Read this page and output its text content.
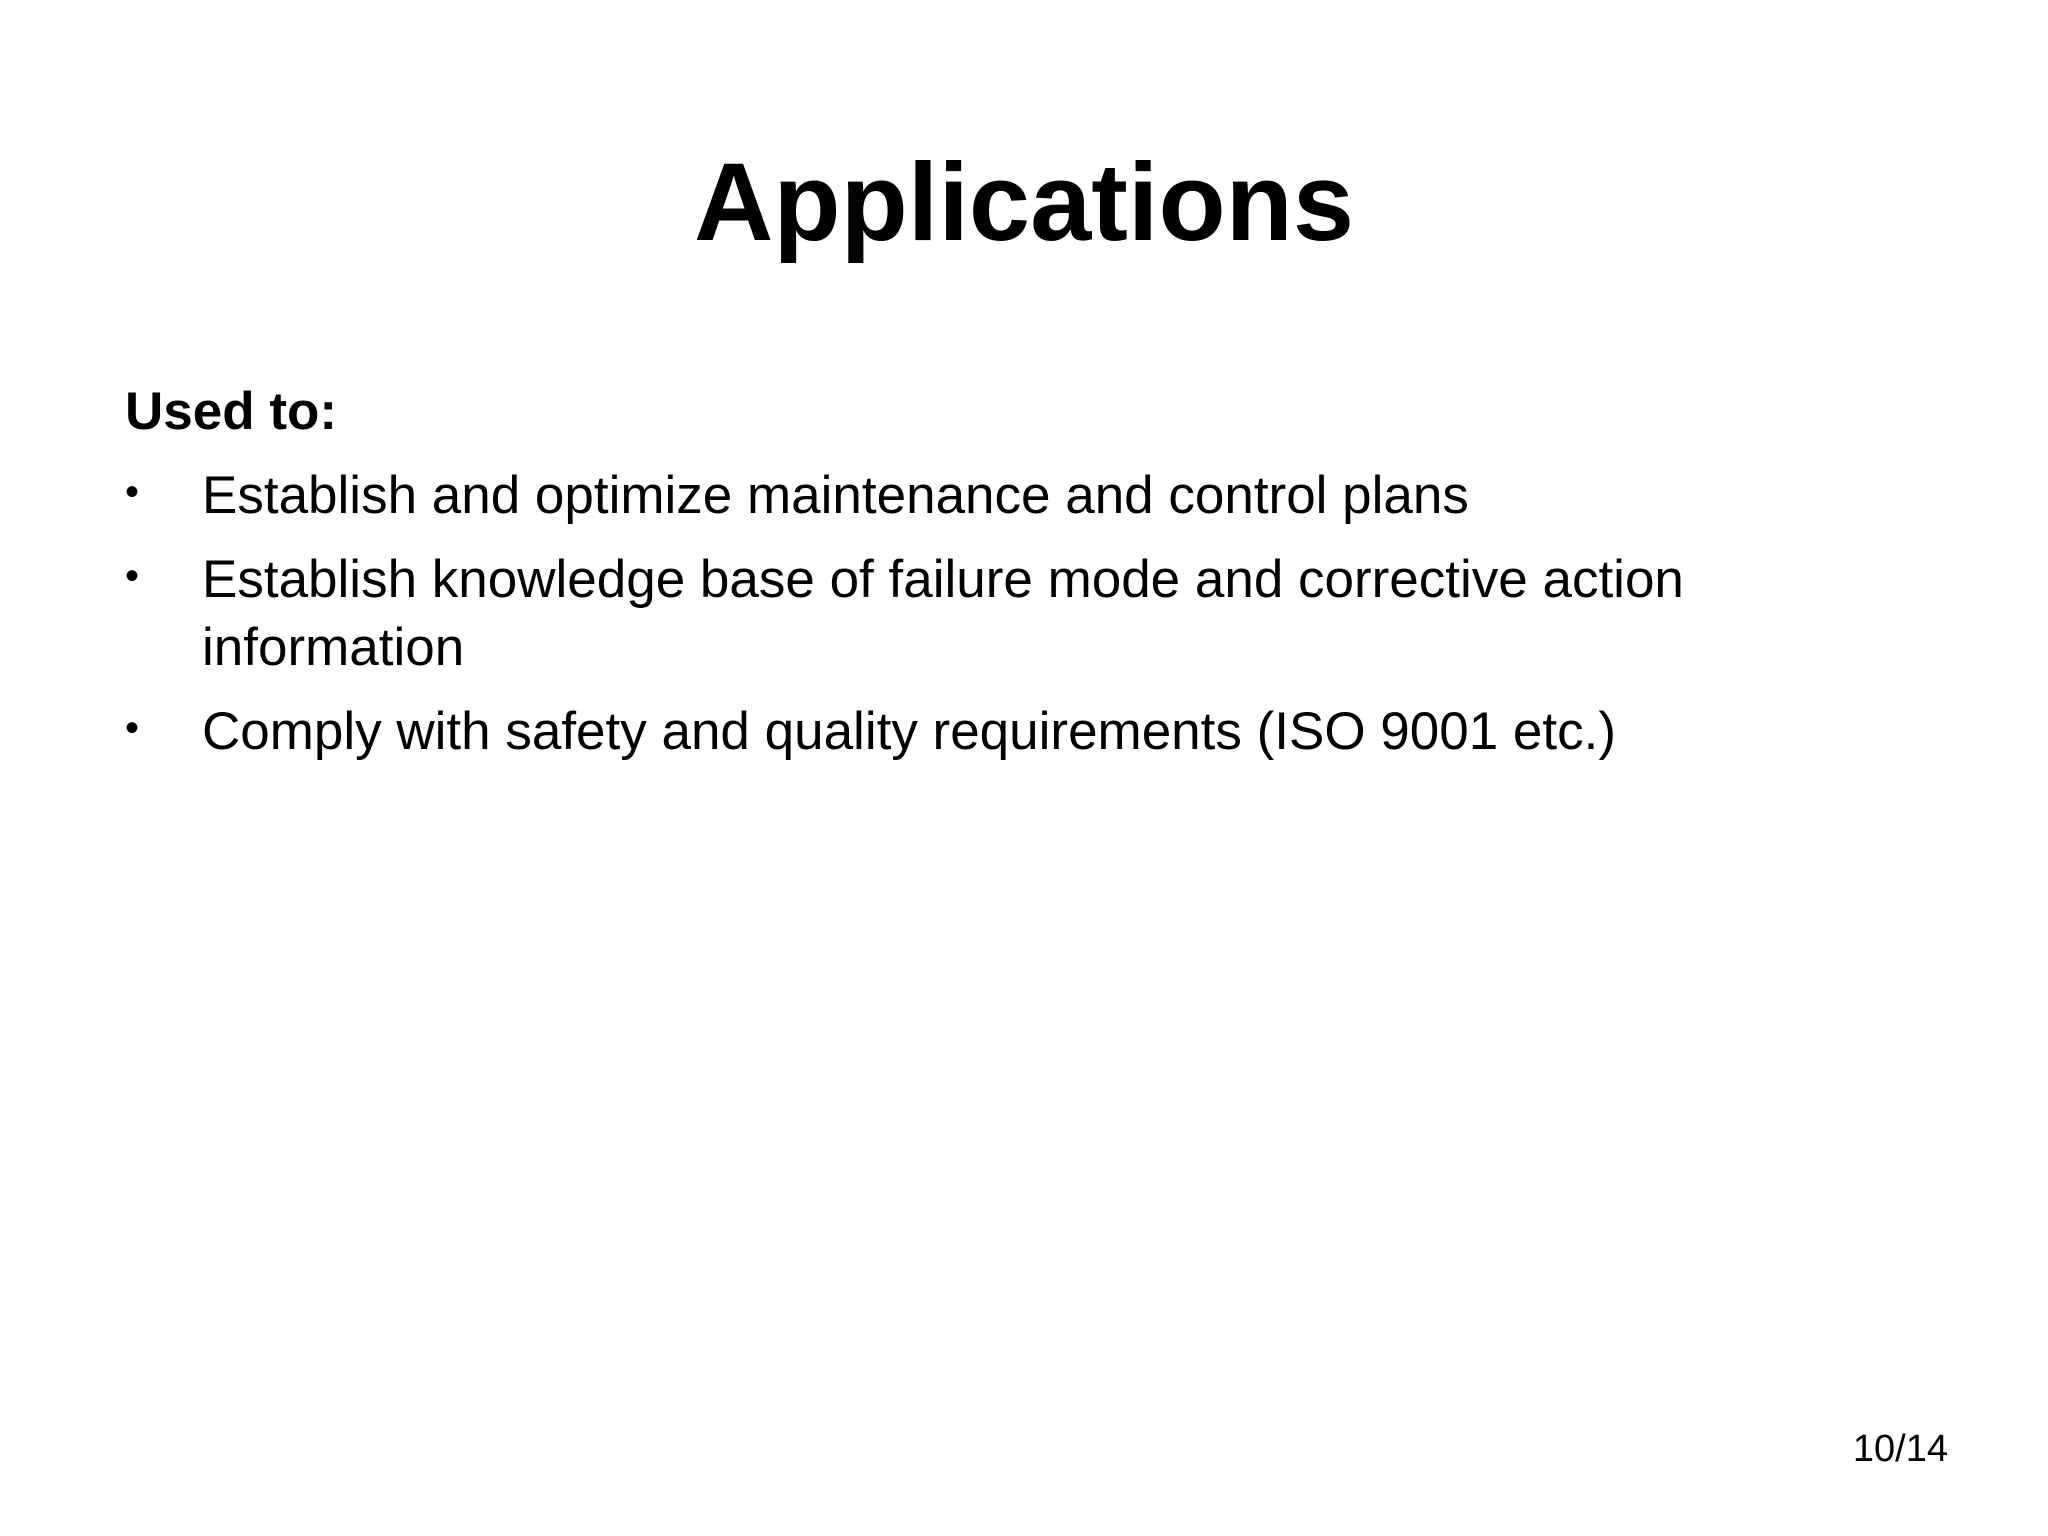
Applications

Used to:

•	Establish and optimize maintenance and control plans
•	Establish knowledge base of failure mode and corrective action information
•	Comply with safety and quality requirements (ISO 9001 etc.)

10/14
